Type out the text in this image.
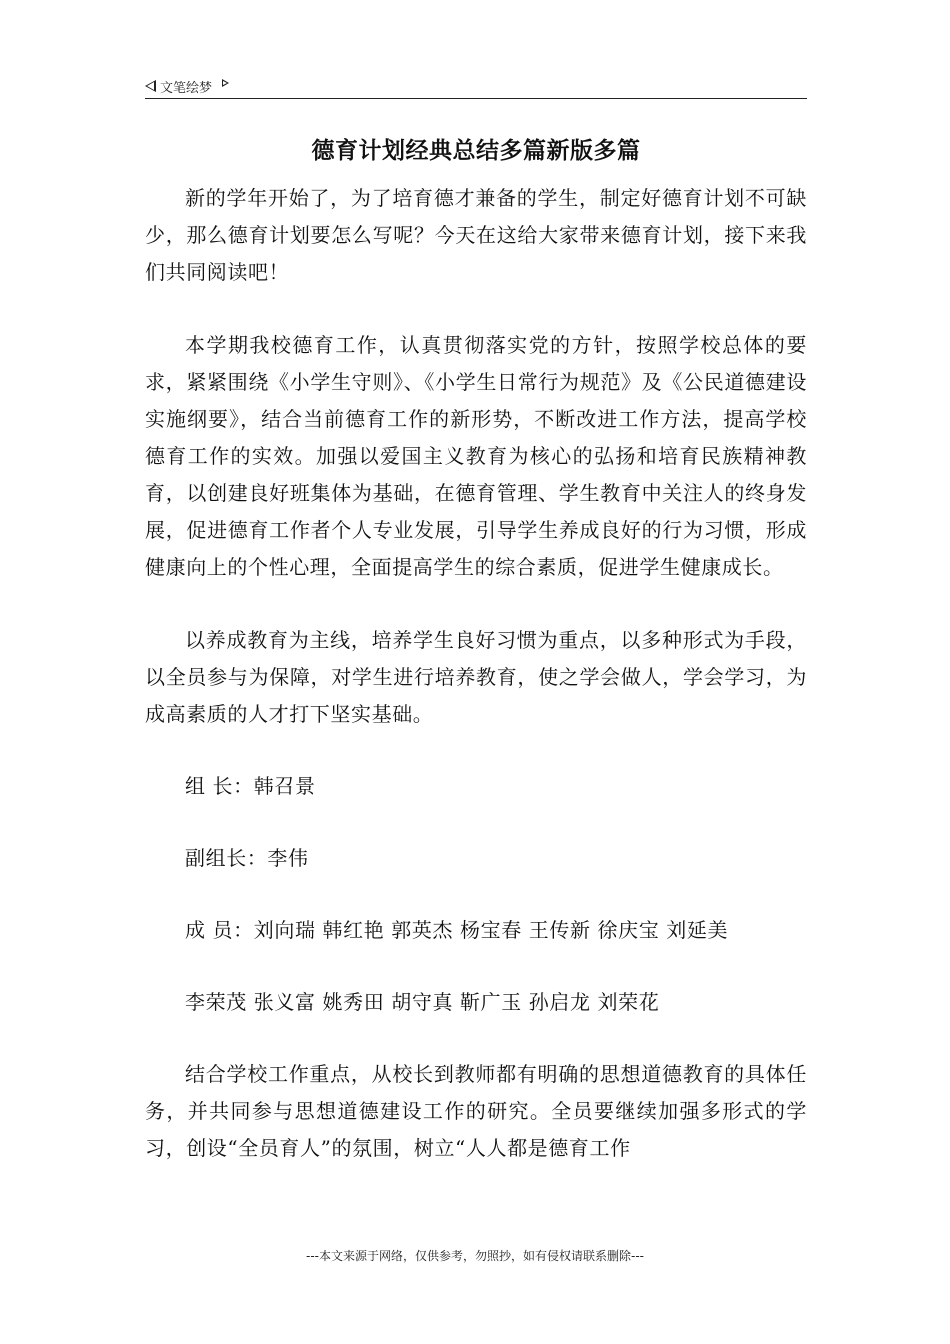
文笔绘梦
德育计划经典总结多篇新版多篇

新的学年开始了，为了培育德才兼备的学生，制定好德育计划不可缺少，那么德育计划要怎么写呢？今天在这给大家带来德育计划，接下来我们共同阅读吧！

本学期我校德育工作，认真贯彻落实党的方针，按照学校总体的要求，紧紧围绕《小学生守则》、《小学生日常行为规范》及《公民道德建设实施纲要》，结合当前德育工作的新形势，不断改进工作方法，提高学校德育工作的实效。加强以爱国主义教育为核心的弘扬和培育民族精神教育，以创建良好班集体为基础，在德育管理、学生教育中关注人的终身发展，促进德育工作者个人专业发展，引导学生养成良好的行为习惯，形成健康向上的个性心理，全面提高学生的综合素质，促进学生健康成长。

以养成教育为主线，培养学生良好习惯为重点，以多种形式为手段，以全员参与为保障，对学生进行培养教育，使之学会做人，学会学习，为成高素质的人才打下坚实基础。

组 长：韩召景

副组长：李伟

成 员：刘向瑞 韩红艳 郭英杰 杨宝春 王传新 徐庆宝 刘延美

李荣茂 张义富 姚秀田 胡守真 靳广玉 孙启龙 刘荣花

结合学校工作重点，从校长到教师都有明确的思想道德教育的具体任务，并共同参与思想道德建设工作的研究。全员要继续加强多形式的学习，创设“全员育人”的氛围，树立“人人都是德育工作

---本文来源于网络，仅供参考，勿照抄，如有侵权请联系删除---
